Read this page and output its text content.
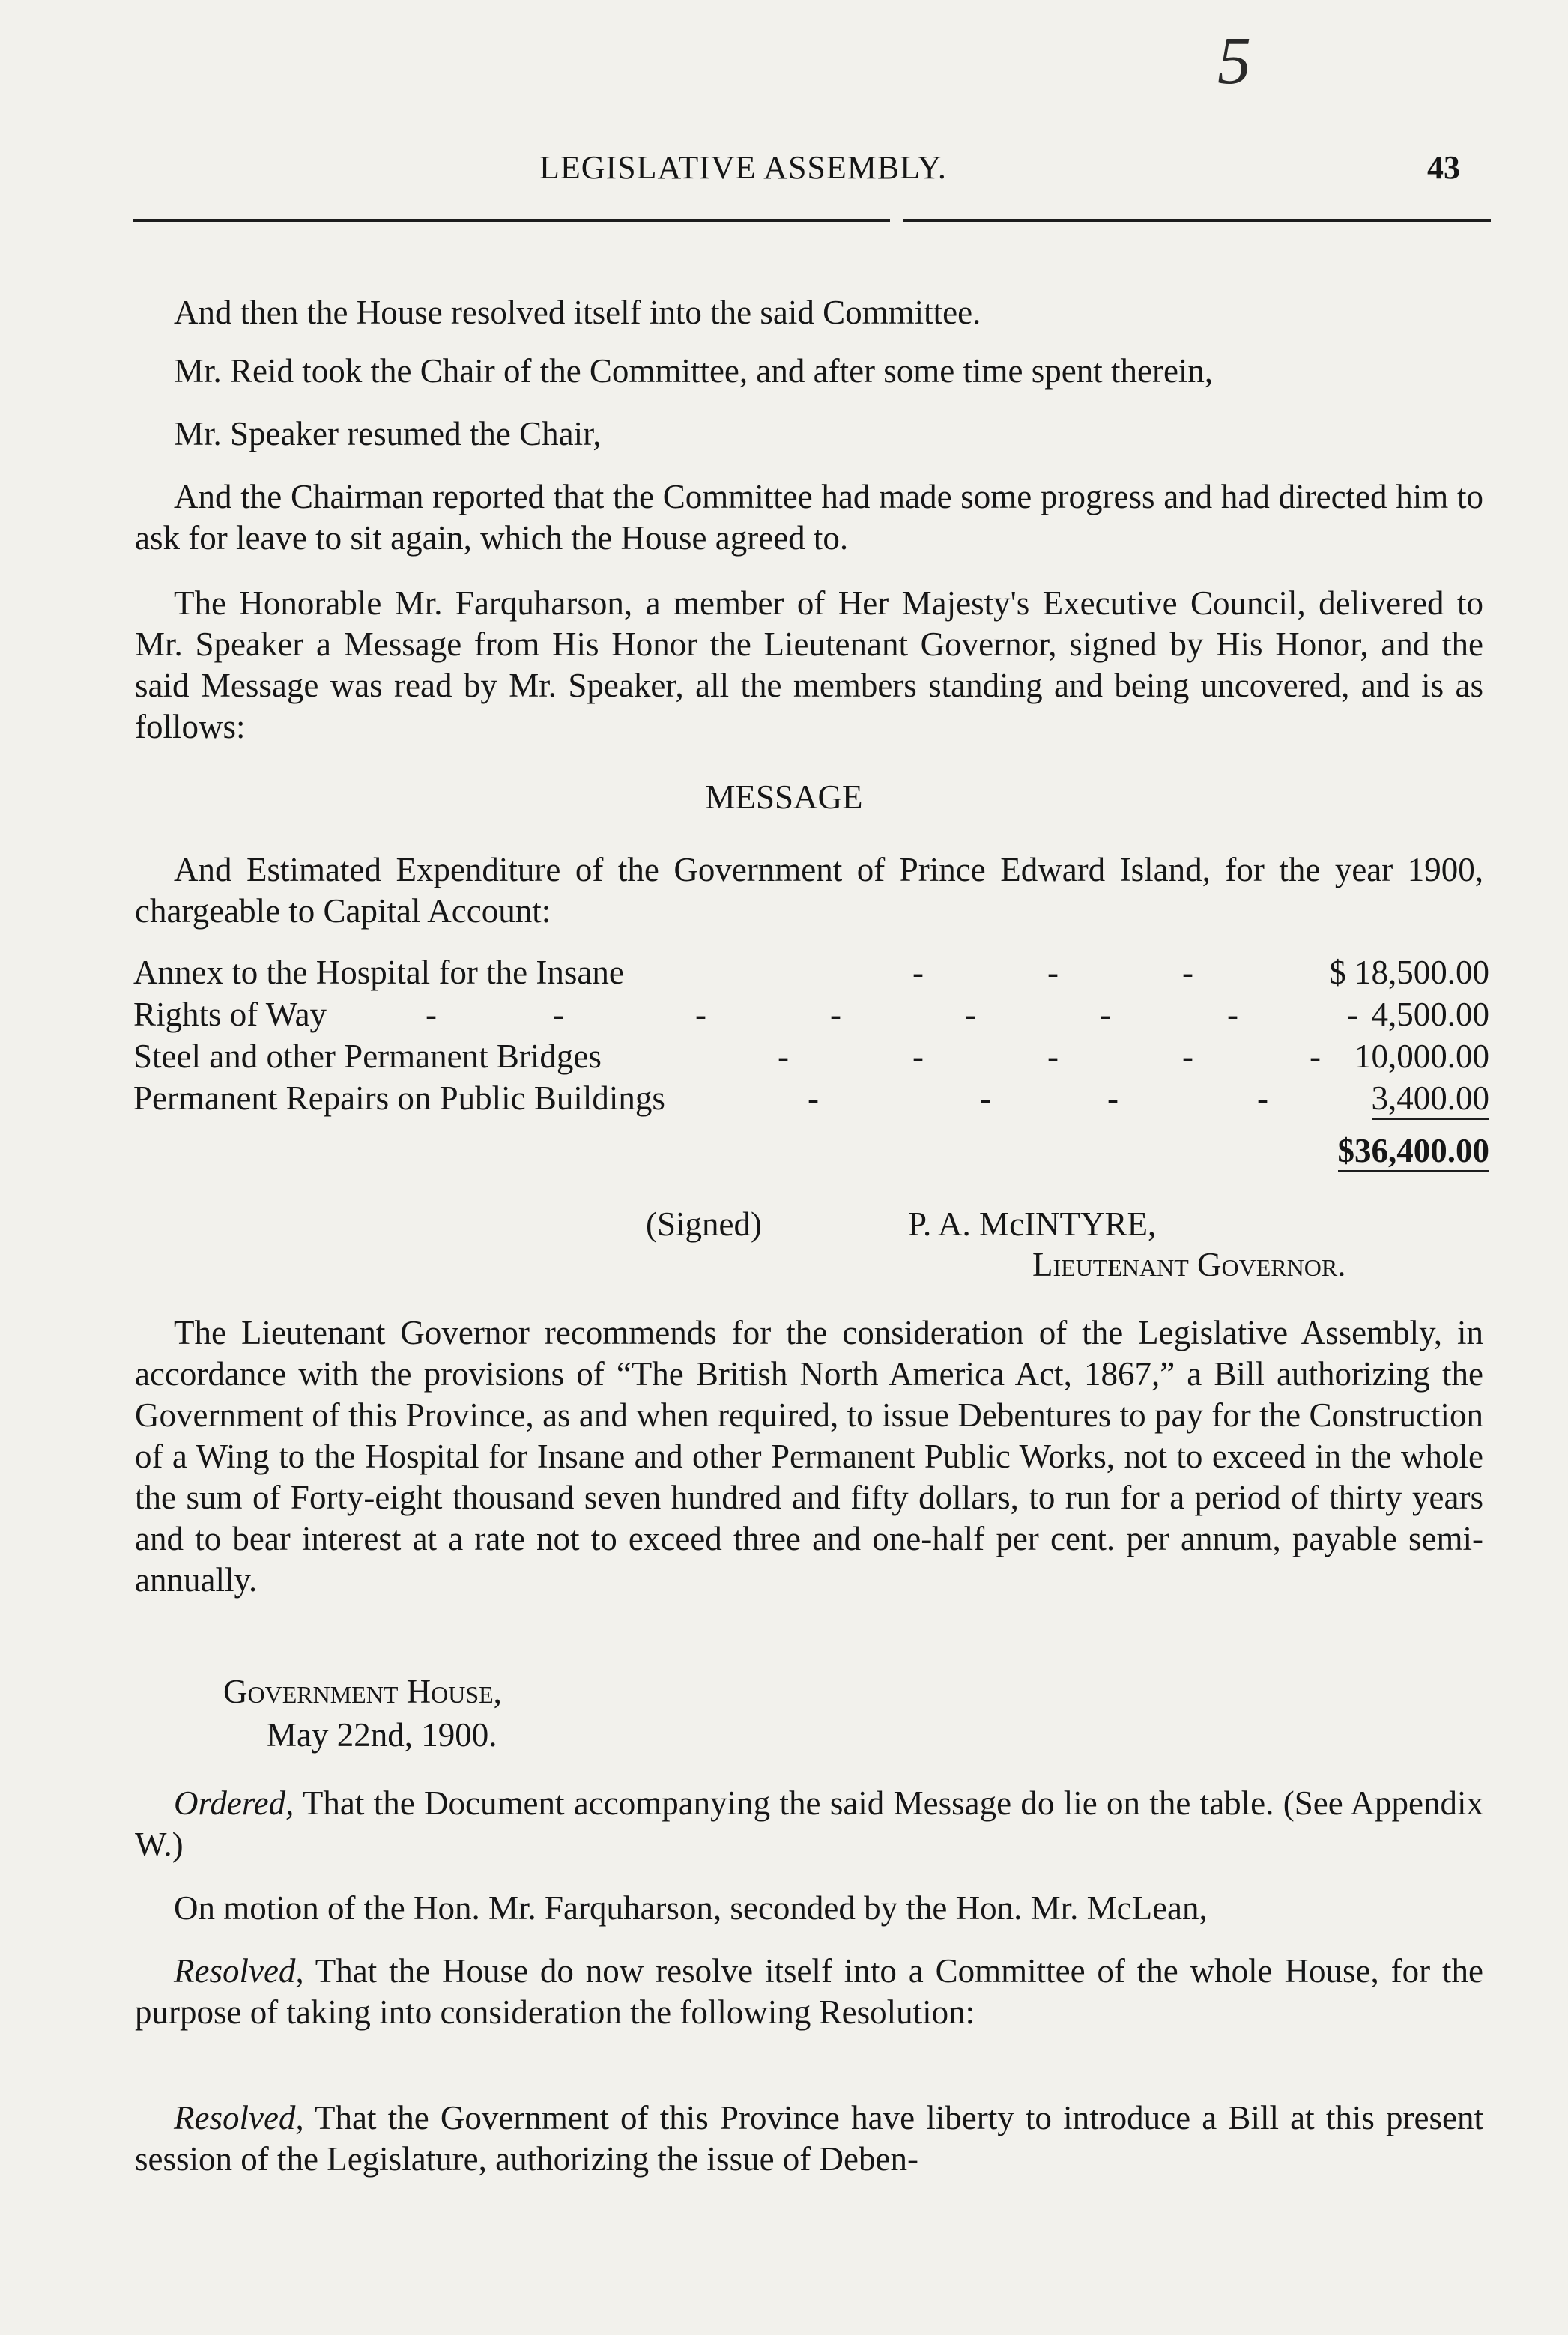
5
LEGISLATIVE ASSEMBLY.	43
And then the House resolved itself into the said Committee.
Mr. Reid took the Chair of the Committee, and after some time spent therein,
Mr. Speaker resumed the Chair,
And the Chairman reported that the Committee had made some progress and had directed him to ask for leave to sit again, which the House agreed to.
The Honorable Mr. Farquharson, a member of Her Majesty's Executive Council, delivered to Mr. Speaker a Message from His Honor the Lieutenant Governor, signed by His Honor, and the said Message was read by Mr. Speaker, all the members standing and being uncovered, and is as follows:
MESSAGE
And Estimated Expenditure of the Government of Prince Edward Island, for the year 1900, chargeable to Capital Account:
Annex to the Hospital for the Insane	-	-	-	$ 18,500.00
Rights of Way	-	-	-	-	-	-	-	- 4,500.00
Steel and other Permanent Bridges	-	-	-	-	- 10,000.00
Permanent Repairs on Public Buildings	-	-	-	-	3,400.00
$36,400.00
(Signed)	P. A. McINTYRE,
Lieutenant Governor.
The Lieutenant Governor recommends for the consideration of the Legislative Assembly, in accordance with the provisions of “The British North America Act, 1867,” a Bill authorizing the Government of this Province, as and when required, to issue Debentures to pay for the Construction of a Wing to the Hospital for Insane and other Permanent Public Works, not to exceed in the whole the sum of Forty-eight thousand seven hundred and fifty dollars, to run for a period of thirty years and to bear interest at a rate not to exceed three and one-half per cent. per annum, payable semi-annually.
Government House,
May 22nd, 1900.
Ordered, That the Document accompanying the said Message do lie on the table. (See Appendix W.)
On motion of the Hon. Mr. Farquharson, seconded by the Hon. Mr. McLean,
Resolved, That the House do now resolve itself into a Committee of the whole House, for the purpose of taking into consideration the following Resolution:
Resolved, That the Government of this Province have liberty to introduce a Bill at this present session of the Legislature, authorizing the issue of Deben-
